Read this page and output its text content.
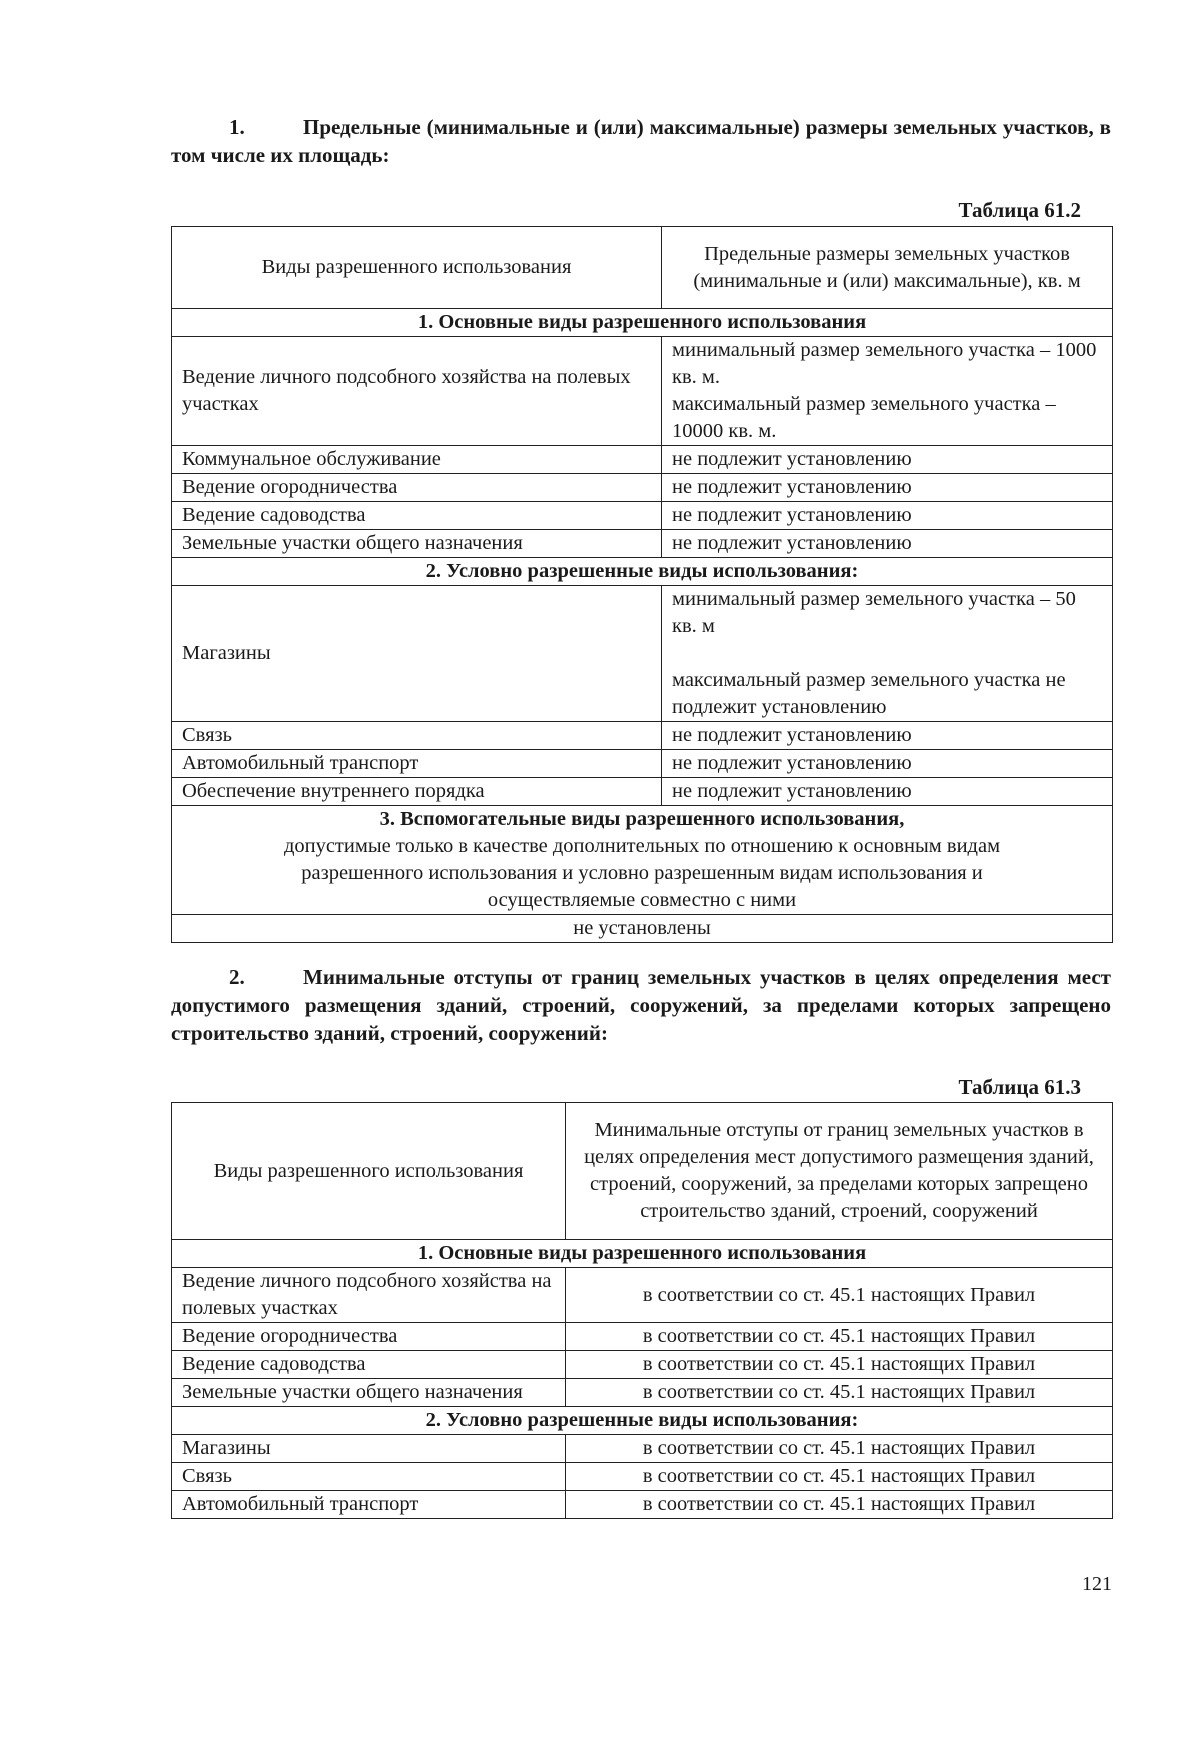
1.	Предельные (минимальные и (или) максимальные) размеры земельных участков, в том числе их площадь:
Таблица 61.2
Виды разрешенного использования	Предельные размеры земельных участков (минимальные и (или) максимальные), кв. м
1. Основные виды разрешенного использования	
Ведение личного подсобного хозяйства на полевых участках	минимальный размер земельного участка – 1000 кв. м.
максимальный размер земельного участка – 10000 кв. м.

Коммунальное обслуживание	не подлежит установлению
Ведение огородничества	не подлежит установлению
Ведение садоводства	не подлежит установлению
Земельные участки общего назначения	не подлежит установлению
2. Условно разрешенные виды использования:	
Магазины	минимальный размер земельного участка – 50 кв. м
максимальный размер земельного участка не подлежит установлению

Связь	не подлежит установлению
Автомобильный транспорт	не подлежит установлению
Обеспечение внутреннего порядка	не подлежит установлению
3. Вспомогательные виды разрешенного использования,
допустимые только в качестве дополнительных по отношению к основным видам разрешенного использования и условно разрешенным видам использования и осуществляемые совместно с ними	

не установлены	
2.	Минимальные отступы от границ земельных участков в целях определения мест допустимого размещения зданий, строений, сооружений, за пределами которых запрещено строительство зданий, строений, сооружений:
Таблица 61.3
Виды разрешенного использования	Минимальные отступы от границ земельных участков в целях определения мест допустимого размещения зданий, строений, сооружений, за пределами которых запрещено строительство зданий, строений, сооружений
1. Основные виды разрешенного использования	
Ведение личного подсобного хозяйства на полевых участках	в соответствии со ст. 45.1 настоящих Правил
Ведение огородничества	в соответствии со ст. 45.1 настоящих Правил
Ведение садоводства	в соответствии со ст. 45.1 настоящих Правил
Земельные участки общего назначения	в соответствии со ст. 45.1 настоящих Правил
2. Условно разрешенные виды использования:	
Магазины	в соответствии со ст. 45.1 настоящих Правил
Связь	в соответствии со ст. 45.1 настоящих Правил
Автомобильный транспорт	в соответствии со ст. 45.1 настоящих Правил
121
